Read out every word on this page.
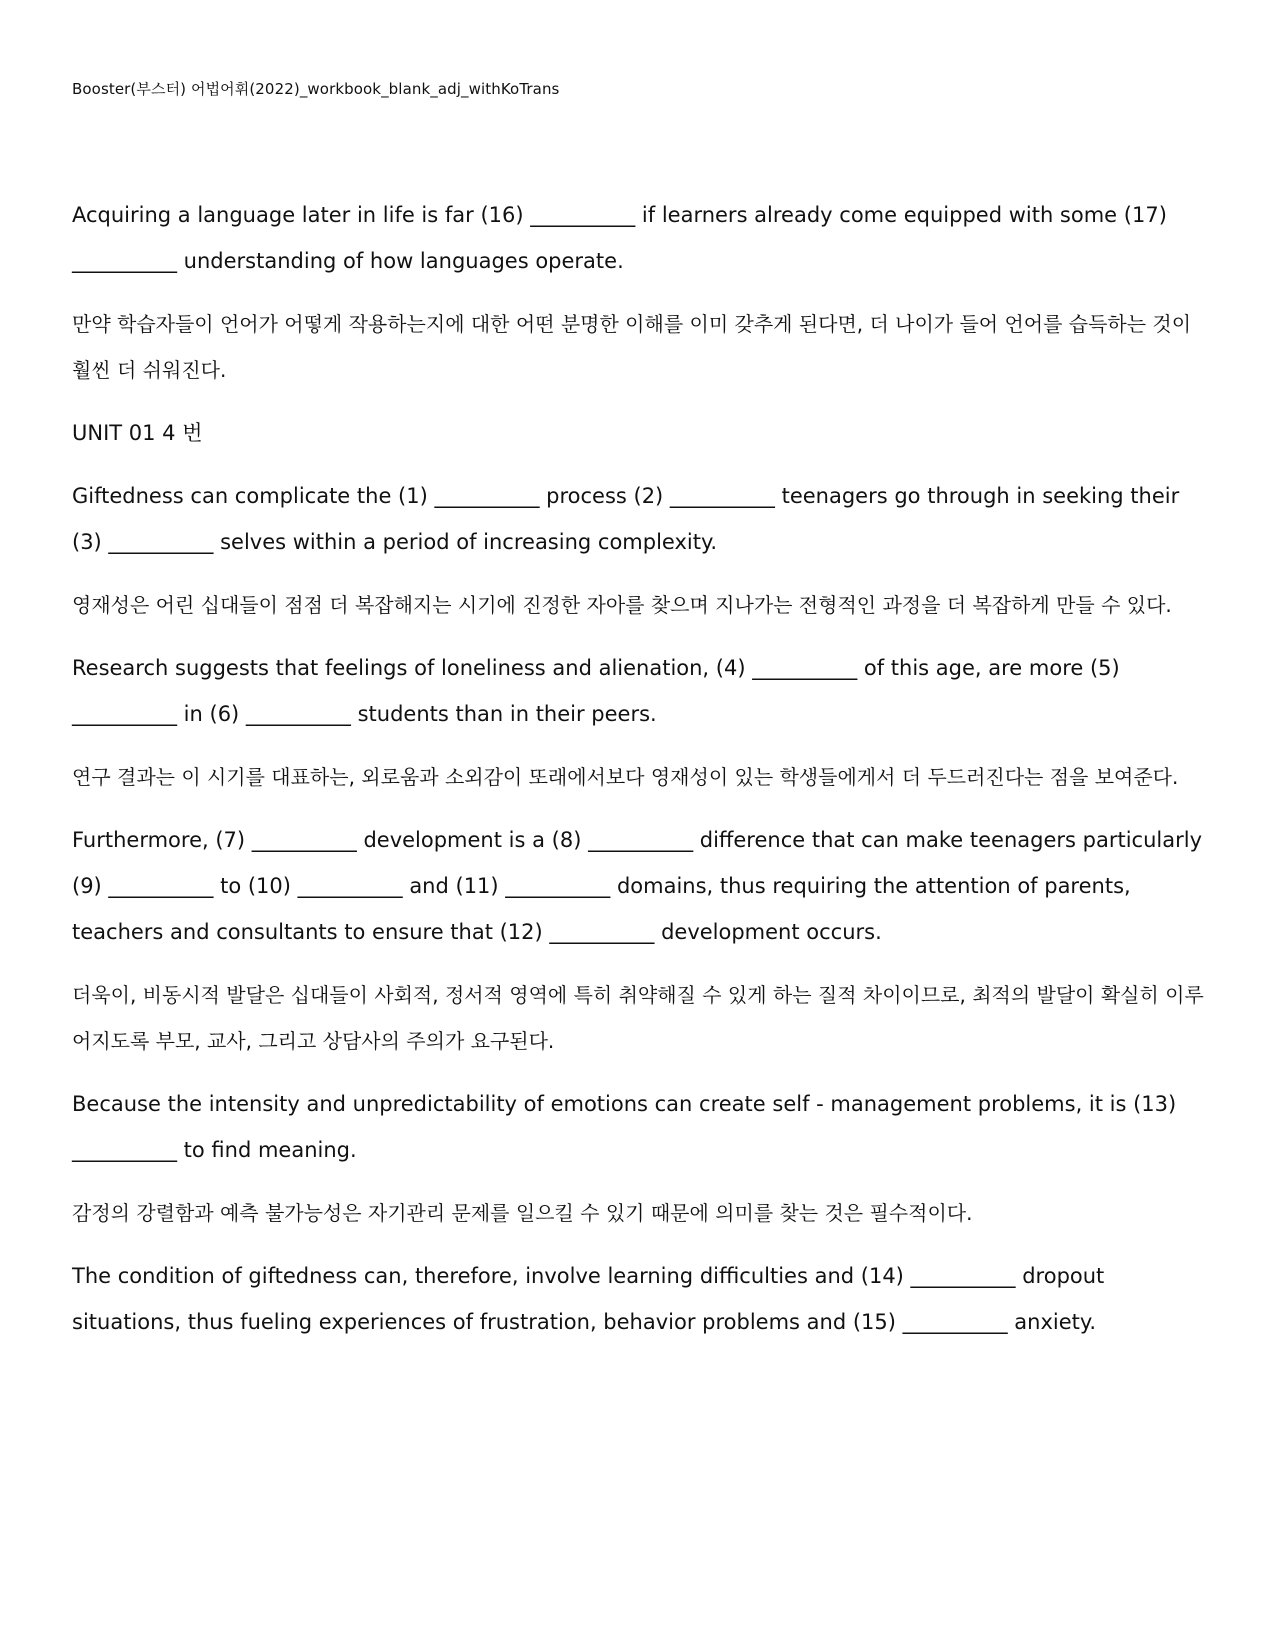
Booster(부스터) 어법어휘(2022)_workbook_blank_adj_withKoTrans

Acquiring a language later in life is far (16) __________ if learners already come equipped with some (17) __________ understanding of how languages operate.

만약 학습자들이 언어가 어떻게 작용하는지에 대한 어떤 분명한 이해를 이미 갖추게 된다면, 더 나이가 들어 언어를 습득하는 것이 훨씬 더 쉬워진다.

UNIT 01 4 번

Giftedness can complicate the (1) __________ process (2) __________ teenagers go through in seeking their (3) __________ selves within a period of increasing complexity.

영재성은 어린 십대들이 점점 더 복잡해지는 시기에 진정한 자아를 찾으며 지나가는 전형적인 과정을 더 복잡하게 만들 수 있다.

Research suggests that feelings of loneliness and alienation, (4) __________ of this age, are more (5) __________ in (6) __________ students than in their peers.

연구 결과는 이 시기를 대표하는, 외로움과 소외감이 또래에서보다 영재성이 있는 학생들에게서 더 두드러진다는 점을 보여준다.

Furthermore, (7) __________ development is a (8) __________ difference that can make teenagers particularly (9) __________ to (10) __________ and (11) __________ domains, thus requiring the attention of parents, teachers and consultants to ensure that (12) __________ development occurs.

더욱이, 비동시적 발달은 십대들이 사회적, 정서적 영역에 특히 취약해질 수 있게 하는 질적 차이이므로, 최적의 발달이 확실히 이루어지도록 부모, 교사, 그리고 상담사의 주의가 요구된다.

Because the intensity and unpredictability of emotions can create self - management problems, it is (13) __________ to find meaning.

감정의 강렬함과 예측 불가능성은 자기관리 문제를 일으킬 수 있기 때문에 의미를 찾는 것은 필수적이다.

The condition of giftedness can, therefore, involve learning difficulties and (14) __________ dropout situations, thus fueling experiences of frustration, behavior problems and (15) __________ anxiety.
